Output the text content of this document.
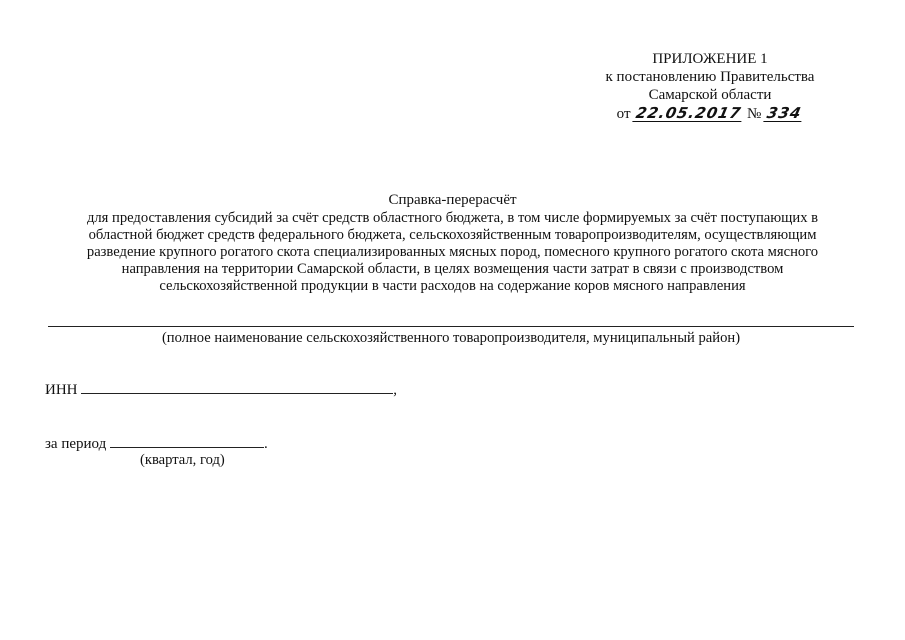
ПРИЛОЖЕНИЕ 1
к постановлению Правительства
Самарской области
от 22.05.2017 № 334
Справка-перерасчёт
для предоставления субсидий за счёт средств областного бюджета, в том числе формируемых за счёт поступающих в
областной бюджет средств федерального бюджета, сельскохозяйственным товаропроизводителям, осуществляющим
разведение крупного рогатого скота специализированных мясных пород, помесного крупного рогатого скота мясного
направления на территории Самарской области, в целях возмещения части затрат в связи с производством
сельскохозяйственной продукции в части расходов на содержание коров мясного направления
(полное наименование сельскохозяйственного товаропроизводителя, муниципальный район)
ИНН	,
за период	.
(квартал, год)
